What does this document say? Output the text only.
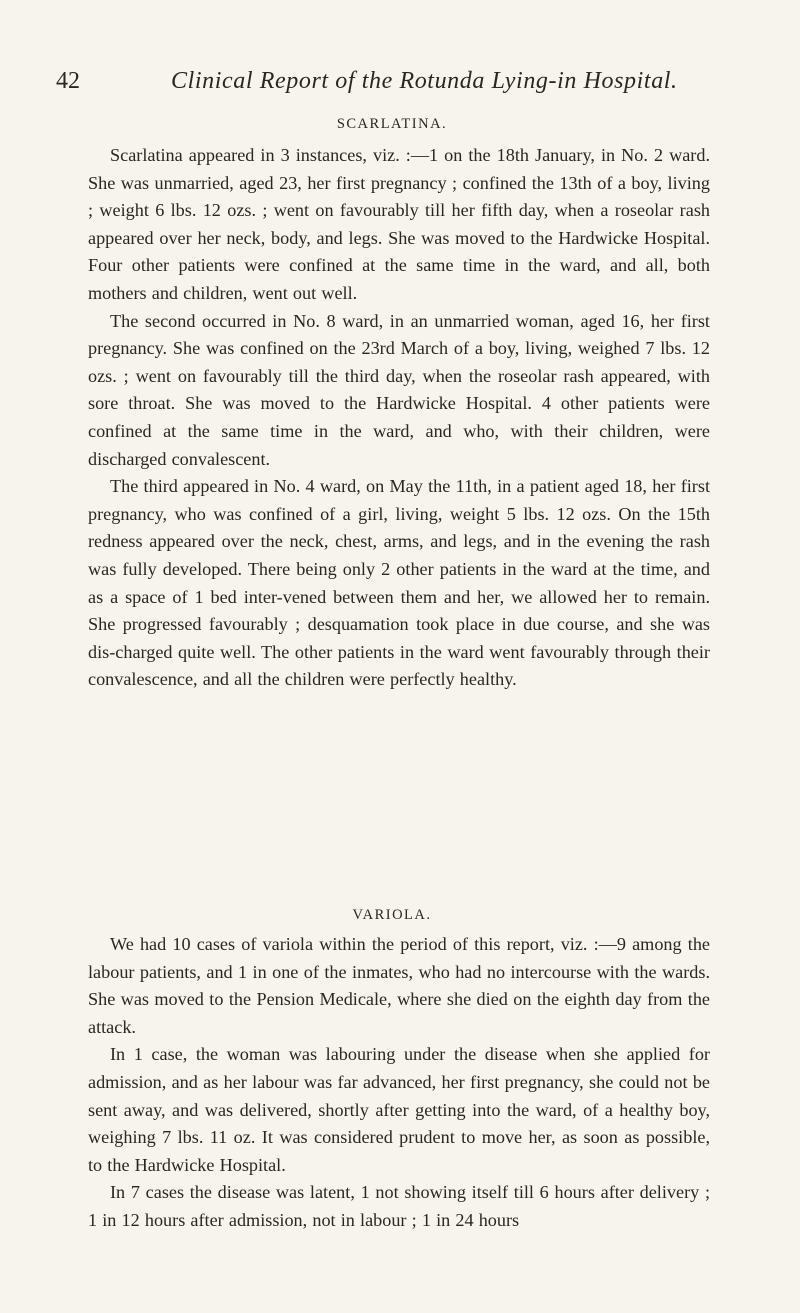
42	Clinical Report of the Rotunda Lying-in Hospital.
SCARLATINA.

Scarlatina appeared in 3 instances, viz. :—1 on the 18th January, in No. 2 ward. She was unmarried, aged 23, her first pregnancy ; confined the 13th of a boy, living ; weight 6 lbs. 12 ozs. ; went on favourably till her fifth day, when a roseolar rash appeared over her neck, body, and legs. She was moved to the Hardwicke Hospital. Four other patients were confined at the same time in the ward, and all, both mothers and children, went out well.

The second occurred in No. 8 ward, in an unmarried woman, aged 16, her first pregnancy. She was confined on the 23rd March of a boy, living, weighed 7 lbs. 12 ozs. ; went on favourably till the third day, when the roseolar rash appeared, with sore throat. She was moved to the Hardwicke Hospital. 4 other patients were confined at the same time in the ward, and who, with their children, were discharged convalescent.

The third appeared in No. 4 ward, on May the 11th, in a patient aged 18, her first pregnancy, who was confined of a girl, living, weight 5 lbs. 12 ozs. On the 15th redness appeared over the neck, chest, arms, and legs, and in the evening the rash was fully developed. There being only 2 other patients in the ward at the time, and as a space of 1 bed inter-vened between them and her, we allowed her to remain. She progressed favourably ; desquamation took place in due course, and she was dis-charged quite well. The other patients in the ward went favourably through their convalescence, and all the children were perfectly healthy.

VARIOLA.

We had 10 cases of variola within the period of this report, viz. :—9 among the labour patients, and 1 in one of the inmates, who had no intercourse with the wards. She was moved to the Pension Medicale, where she died on the eighth day from the attack.

In 1 case, the woman was labouring under the disease when she applied for admission, and as her labour was far advanced, her first pregnancy, she could not be sent away, and was delivered, shortly after getting into the ward, of a healthy boy, weighing 7 lbs. 11 oz. It was considered prudent to move her, as soon as possible, to the Hardwicke Hospital.

In 7 cases the disease was latent, 1 not showing itself till 6 hours after delivery ; 1 in 12 hours after admission, not in labour ; 1 in 24 hours
